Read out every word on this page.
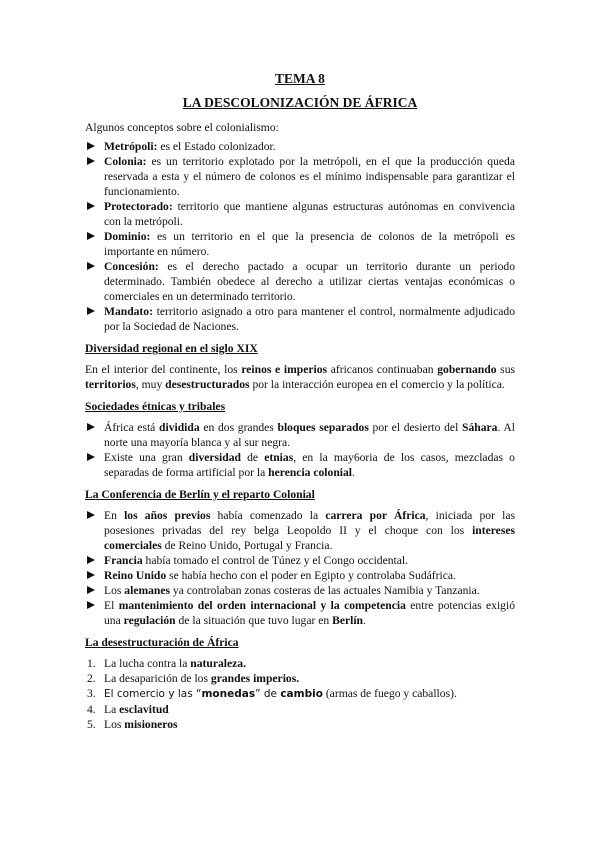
TEMA 8
LA DESCOLONIZACIÓN DE ÁFRICA

Algunos conceptos sobre el colonialismo:

Metrópoli: es el Estado colonizador.
Colonia: es un territorio explotado por la metrópoli, en el que la producción queda reservada a esta y el número de colonos es el mínimo indispensable para garantizar el funcionamiento.
Protectorado: territorio que mantiene algunas estructuras autónomas en convivencia con la metrópoli.
Dominio: es un territorio en el que la presencia de colonos de la metrópoli es importante en número.
Concesión: es el derecho pactado a ocupar un territorio durante un periodo determinado. También obedece al derecho a utilizar ciertas ventajas económicas o comerciales en un determinado territorio.
Mandato: territorio asignado a otro para mantener el control, normalmente adjudicado por la Sociedad de Naciones.
Diversidad regional en el siglo XIX

En el interior del continente, los reinos e imperios africanos continuaban gobernando sus territorios, muy desestructurados por la interacción europea en el comercio y la política.

Sociedades étnicas y tribales
África está dividida en dos grandes bloques separados por el desierto del Sáhara. Al norte una mayoría blanca y al sur negra.
Existe una gran diversidad de etnias, en la may6oria de los casos, mezcladas o separadas de forma artificial por la herencia colonial.
La Conferencia de Berlín y el reparto Colonial
En los años previos había comenzado la carrera por África, iniciada por las posesiones privadas del rey belga Leopoldo II y el choque con los intereses comerciales de Reino Unido, Portugal y Francia.
Francia había tomado el control de Túnez y el Congo occidental.
Reino Unido se había hecho con el poder en Egipto y controlaba Sudáfrica.
Los alemanes ya controlaban zonas costeras de las actuales Namibia y Tanzania.
El mantenimiento del orden internacional y la competencia entre potencias exigió una regulación de la situación que tuvo lugar en Berlín.
La desestructuración de África
1. La lucha contra la naturaleza.
2. La desaparición de los grandes imperios.
3. El comercio y las “monedas” de cambio (armas de fuego y caballos).
4. La esclavitud
5. Los misioneros
